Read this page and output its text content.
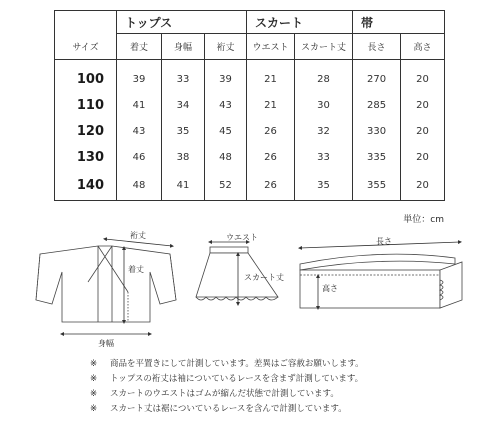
	トップス			スカート		帯	
サイズ	着丈	身幅	裄丈	ウエスト	スカート丈	長さ	高さ
100	39	33	39	21	28	270	20
110	41	34	43	21	30	285	20
120	43	35	45	26	32	330	20
130	46	38	48	26	33	335	20
140	48	41	52	26	35	355	20
単位：cm
裄丈
着丈
身幅
ウエスト
スカート丈
長さ
高さ
※ 商品を平置きにして計測しています。差異はご容赦お願いします。
※ トップスの裄丈は袖についているレースを含まず計測しています。
※ スカートのウエストはゴムが縮んだ状態で計測しています。
※ スカート丈は裾についているレースを含んで計測しています。
